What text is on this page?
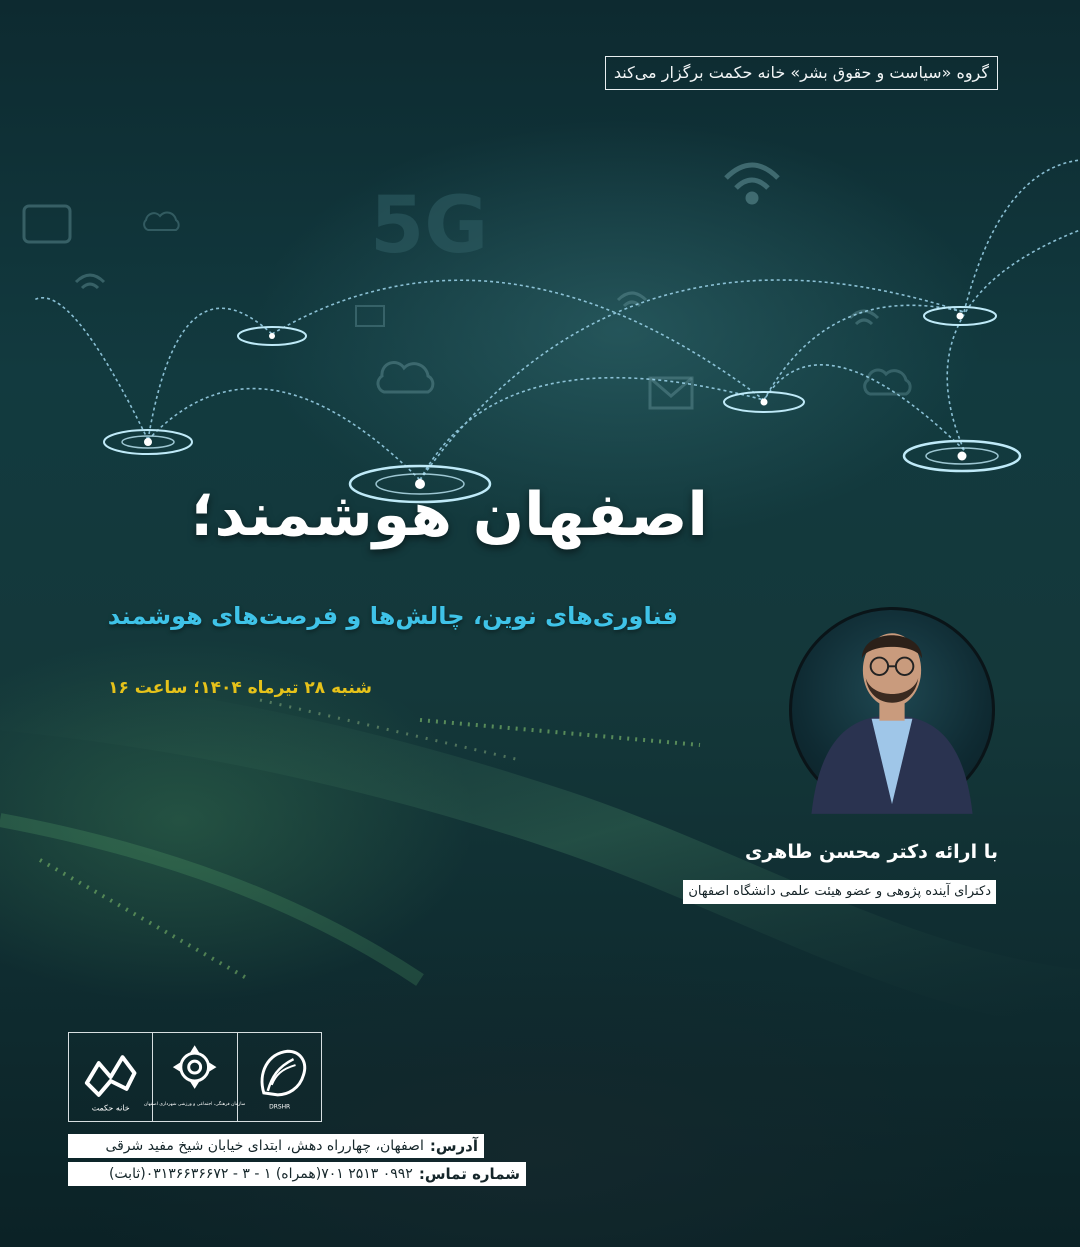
5G
گروه «سیاست و حقوق بشر» خانه حکمت برگزار می‌کند
اصفهان هوشمند؛
فناوری‌های نوین، چالش‌ها و فرصت‌های هوشمند
شنبه ۲۸ تیرماه ۱۴۰۴؛ ساعت ۱۶
با ارائه دکتر محسن طاهری
دکترای آینده پژوهی و عضو هیئت علمی دانشگاه اصفهان
خانه حکمت	سازمان فرهنگی، اجتماعی و ورزشی شهرداری اصفهان	DRSHR
آدرس:
اصفهان، چهارراه دهش، ابتدای خیابان شیخ مفید شرقی
شماره تماس:
۰۹۹۲ ۲۵۱۳ ۷۰۱(همراه) ۱ - ۳ - ۰۳۱۳۶۶۳۶۶۷۲(ثابت)
